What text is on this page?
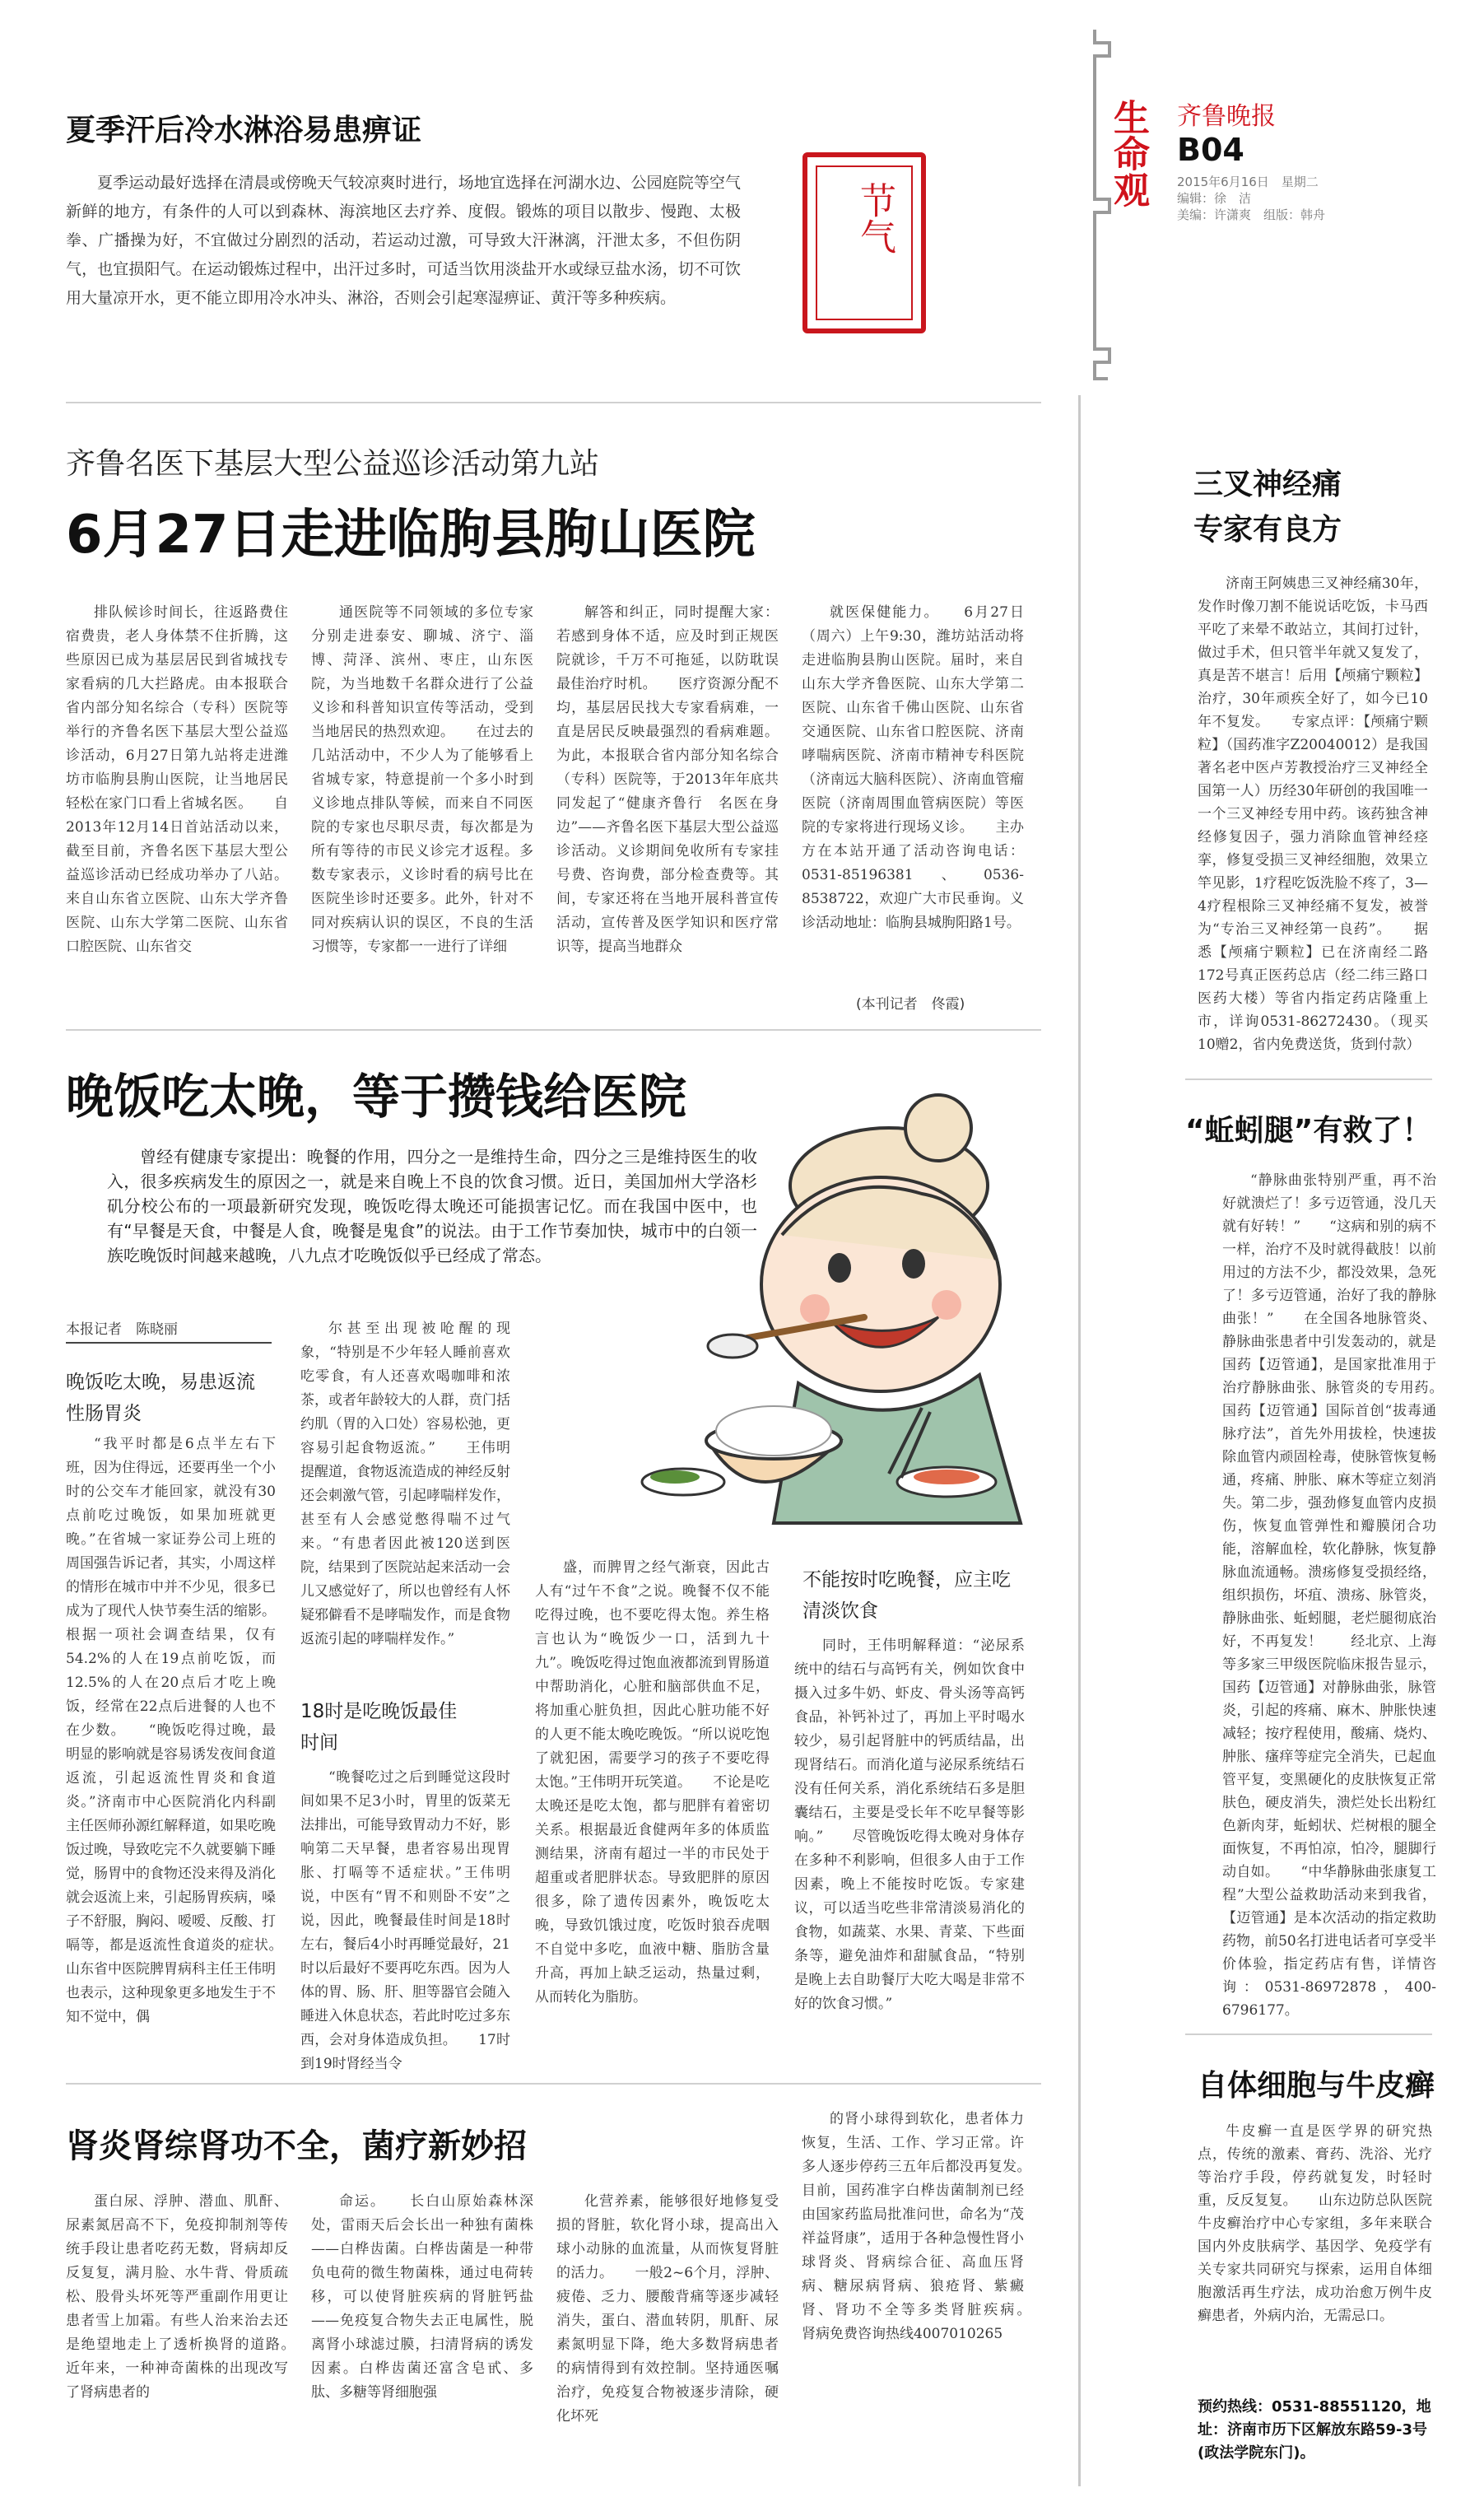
生命观 齐鲁晚报
B04
2015年6月16日　星期二
编辑：徐　洁
美编：许潇爽　组版：韩舟
夏季汗后冷水淋浴易患痹证

夏季运动最好选择在清晨或傍晚天气较凉爽时进行，场地宜选择在河湖水边、公园庭院等空气新鲜的地方，有条件的人可以到森林、海滨地区去疗养、度假。锻炼的项目以散步、慢跑、太极拳、广播操为好，不宜做过分剧烈的活动，若运动过激，可导致大汗淋漓，汗泄太多，不但伤阴气，也宜损阳气。在运动锻炼过程中，出汗过多时，可适当饮用淡盐开水或绿豆盐水汤，切不可饮用大量凉开水，更不能立即用冷水冲头、淋浴，否则会引起寒湿痹证、黄汗等多种疾病。

节气
齐鲁名医下基层大型公益巡诊活动第九站
6月27日走进临朐县朐山医院

排队候诊时间长，往返路费住宿费贵，老人身体禁不住折腾，这些原因已成为基层居民到省城找专家看病的几大拦路虎。由本报联合省内部分知名综合（专科）医院等举行的齐鲁名医下基层大型公益巡诊活动，6月27日第九站将走进潍坊市临朐县朐山医院，让当地居民轻松在家门口看上省城名医。　　自2013年12月14日首站活动以来，截至目前，齐鲁名医下基层大型公益巡诊活动已经成功举办了八站。来自山东省立医院、山东大学齐鲁医院、山东大学第二医院、山东省口腔医院、山东省交

通医院等不同领域的多位专家分别走进泰安、聊城、济宁、淄博、菏泽、滨州、枣庄，山东医院，为当地数千名群众进行了公益义诊和科普知识宣传等活动，受到当地居民的热烈欢迎。　　在过去的几站活动中，不少人为了能够看上省城专家，特意提前一个多小时到义诊地点排队等候，而来自不同医院的专家也尽职尽责，每次都是为所有等待的市民义诊完才返程。多数专家表示，义诊时看的病号比在医院坐诊时还要多。此外，针对不同对疾病认识的误区，不良的生活习惯等，专家都一一进行了详细

解答和纠正，同时提醒大家：若感到身体不适，应及时到正规医院就诊，千万不可拖延，以防耽误最佳治疗时机。　　医疗资源分配不均，基层居民找大专家看病难，一直是居民反映最强烈的看病难题。为此，本报联合省内部分知名综合（专科）医院等，于2013年年底共同发起了“健康齐鲁行　名医在身边”——齐鲁名医下基层大型公益巡诊活动。义诊期间免收所有专家挂号费、咨询费，部分检查费等。其间，专家还将在当地开展科普宣传活动，宣传普及医学知识和医疗常识等，提高当地群众

就医保健能力。　　6月27日（周六）上午9:30，潍坊站活动将走进临朐县朐山医院。届时，来自山东大学齐鲁医院、山东大学第二医院、山东省千佛山医院、山东省交通医院、山东省口腔医院、济南哮喘病医院、济南市精神专科医院（济南远大脑科医院）、济南血管瘤医院（济南周围血管病医院）等医院的专家将进行现场义诊。　　主办方在本站开通了活动咨询电话：0531-85196381、0536-8538722，欢迎广大市民垂询。义诊活动地址：临朐县城朐阳路1号。

(本刊记者　佟霞)
晚饭吃太晚，等于攒钱给医院

曾经有健康专家提出：晚餐的作用，四分之一是维持生命，四分之三是维持医生的收入，很多疾病发生的原因之一，就是来自晚上不良的饮食习惯。近日，美国加州大学洛杉矶分校公布的一项最新研究发现，晚饭吃得太晚还可能损害记忆。而在我国中医中，也有“早餐是天食，中餐是人食，晚餐是鬼食”的说法。由于工作节奏加快，城市中的白领一族吃晚饭时间越来越晚，八九点才吃晚饭似乎已经成了常态。

本报记者　陈晓丽
晚饭吃太晚，易患返流性肠胃炎

“我平时都是6点半左右下班，因为住得远，还要再坐一个小时的公交车才能回家，就没有30点前吃过晚饭，如果加班就更晚。”在省城一家证券公司上班的周国强告诉记者，其实，小周这样的情形在城市中并不少见，很多已成为了现代人快节奏生活的缩影。根据一项社会调查结果，仅有54.2%的人在19点前吃饭，而12.5%的人在20点后才吃上晚饭，经常在22点后进餐的人也不在少数。　　“晚饭吃得过晚，最明显的影响就是容易诱发夜间食道返流，引起返流性胃炎和食道炎。”济南市中心医院消化内科副主任医师孙源红解释道，如果吃晚饭过晚，导致吃完不久就要躺下睡觉，肠胃中的食物还没来得及消化就会返流上来，引起肠胃疾病，嗓子不舒服，胸闷、嗳嗳、反酸、打嗝等，都是返流性食道炎的症状。　　山东省中医院脾胃病科主任王伟明也表示，这种现象更多地发生于不知不觉中，偶

尔甚至出现被呛醒的现象，“特别是不少年轻人睡前喜欢吃零食，有人还喜欢喝咖啡和浓茶，或者年龄较大的人群，贲门括约肌（胃的入口处）容易松弛，更容易引起食物返流。”　　王伟明提醒道，食物返流造成的神经反射还会刺激气管，引起哮喘样发作，甚至有人会感觉憋得喘不过气来。“有患者因此被120送到医院，结果到了医院站起来活动一会儿又感觉好了，所以也曾经有人怀疑邪僻看不是哮喘发作，而是食物返流引起的哮喘样发作。”

18时是吃晚饭最佳时间

“晚餐吃过之后到睡觉这段时间如果不足3小时，胃里的饭菜无法排出，可能导致胃动力不好，影响第二天早餐，患者容易出现胃胀、打嗝等不适症状。”王伟明说，中医有“胃不和则卧不安”之说，因此，晚餐最佳时间是18时左右，餐后4小时再睡觉最好，21时以后最好不要再吃东西。因为人体的胃、肠、肝、胆等器官会随入睡进入休息状态，若此时吃过多东西，会对身体造成负担。　　17时到19时肾经当令

盛，而脾胃之经气渐衰，因此古人有“过午不食”之说。晚餐不仅不能吃得过晚，也不要吃得太饱。养生格言也认为“晚饭少一口，活到九十九”。晚饭吃得过饱血液都流到胃肠道中帮助消化，心脏和脑部供血不足，将加重心脏负担，因此心脏功能不好的人更不能太晚吃晚饭。“所以说吃饱了就犯困，需要学习的孩子不要吃得太饱。”王伟明开玩笑道。　　不论是吃太晚还是吃太饱，都与肥胖有着密切关系。根据最近食健两年多的体质监测结果，济南有超过一半的市民处于超重或者肥胖状态。导致肥胖的原因很多，除了遗传因素外，晚饭吃太晚，导致饥饿过度，吃饭时狼吞虎咽不自觉中多吃，血液中糖、脂肪含量升高，再加上缺乏运动，热量过剩，从而转化为脂肪。

不能按时吃晚餐，应主吃清淡饮食

同时，王伟明解释道：“泌尿系统中的结石与高钙有关，例如饮食中摄入过多牛奶、虾皮、骨头汤等高钙食品，补钙补过了，再加上平时喝水较少，易引起肾脏中的钙质结晶，出现肾结石。而消化道与泌尿系统结石没有任何关系，消化系统结石多是胆囊结石，主要是受长年不吃早餐等影响。”　　尽管晚饭吃得太晚对身体存在多种不利影响，但很多人由于工作因素，晚上不能按时吃饭。专家建议，可以适当吃些非常清淡易消化的食物，如蔬菜、水果、青菜、下些面条等，避免油炸和甜腻食品，“特别是晚上去自助餐厅大吃大喝是非常不好的饮食习惯。”

肾炎肾综肾功不全，菌疗新妙招

蛋白尿、浮肿、潜血、肌酐、尿素氮居高不下，免疫抑制剂等传统手段让患者吃药无数，肾病却反反复复，满月脸、水牛背、骨质疏松、股骨头坏死等严重副作用更让患者雪上加霜。有些人治来治去还是绝望地走上了透析换肾的道路。　　近年来，一种神奇菌株的出现改写了肾病患者的

命运。　　长白山原始森林深处，雷雨天后会长出一种独有菌株——白桦齿菌。白桦齿菌是一种带负电荷的微生物菌株，通过电荷转移，可以使肾脏疾病的肾脏钙盐——免疫复合物失去正电属性，脱离肾小球滤过膜，扫清肾病的诱发因素。白桦齿菌还富含皂甙、多肽、多糖等肾细胞强

化营养素，能够很好地修复受损的肾脏，软化肾小球，提高出入球小动脉的血流量，从而恢复肾脏的活力。　　一般2~6个月，浮肿、疲倦、乏力、腰酸背痛等逐步减轻消失，蛋白、潜血转阴，肌酐、尿素氮明显下降，绝大多数肾病患者的病情得到有效控制。坚持通医嘱治疗，免疫复合物被逐步清除，硬化坏死

的肾小球得到软化，患者体力恢复，生活、工作、学习正常。许多人逐步停药三五年后都没再复发。　　目前，国药准字白桦齿菌制剂已经由国家药监局批准问世，命名为“茂祥益肾康”，适用于各种急慢性肾小球肾炎、肾病综合征、高血压肾病、糖尿病肾病、狼疮肾、紫癜肾、肾功不全等多类肾脏疾病。　　肾病免费咨询热线4007010265

三叉神经痛
专家有良方

济南王阿姨患三叉神经痛30年，发作时像刀割不能说话吃饭，卡马西平吃了来晕不敢站立，其间打过针，做过手术，但只管半年就又复发了，真是苦不堪言！后用【颅痛宁颗粒】治疗，30年顽疾全好了，如今已10年不复发。　　专家点评：【颅痛宁颗粒】（国药准字Z20040012）是我国著名老中医卢芳教授治疗三叉神经全国第一人）历经30年研创的我国唯一一个三叉神经专用中药。该药独含神经修复因子，强力消除血管神经痉挛，修复受损三叉神经细胞，效果立竿见影，1疗程吃饭洗脸不疼了，3—4疗程根除三叉神经痛不复发，被誉为“专治三叉神经第一良药”。　　据悉【颅痛宁颗粒】已在济南经二路172号真正医药总店（经二纬三路口医药大楼）等省内指定药店隆重上市，详询0531-86272430。（现买10赠2，省内免费送货，货到付款）

“蚯蚓腿”有救了！

“静脉曲张特别严重，再不治好就溃烂了！多亏迈管通，没几天就有好转！”　　“这病和别的病不一样，治疗不及时就得截肢！以前用过的方法不少，都没效果，急死了！多亏迈管通，治好了我的静脉曲张！”　　在全国各地脉管炎、静脉曲张患者中引发轰动的，就是国药【迈管通】，是国家批准用于治疗静脉曲张、脉管炎的专用药。　　国药【迈管通】国际首创“拔毒通脉疗法”，首先外用拔栓，快速拔除血管内顽固栓毒，使脉管恢复畅通，疼痛、肿胀、麻木等症立刻消失。第二步，强劲修复血管内皮损伤，恢复血管弹性和瓣膜闭合功能，溶解血栓，软化静脉，恢复静脉血流通畅。溃疡修复受损经络，组织损伤，坏疽、溃疡、脉管炎，静脉曲张、蚯蚓腿，老烂腿彻底治好，不再复发！　　经北京、上海等多家三甲级医院临床报告显示，国药【迈管通】对静脉曲张，脉管炎，引起的疼痛、麻木、肿胀快速减轻；按疗程使用，酸痛、烧灼、肿胀、瘙痒等症完全消失，已起血管平复，变黑硬化的皮肤恢复正常肤色，硬皮消失，溃烂处长出粉红色新肉芽，蚯蚓状、烂树根的腿全面恢复，不再怕凉，怕冷，腿脚行动自如。　　“中华静脉曲张康复工程”大型公益救助活动来到我省，【迈管通】是本次活动的指定救助药物，前50名打进电话者可享受半价体验，指定药店有售，详情咨询：0531-86972878，400-6796177。

自体细胞与牛皮癣

牛皮癣一直是医学界的研究热点，传统的激素、膏药、洗浴、光疗等治疗手段，停药就复发，时轻时重，反反复复。　　山东边防总队医院牛皮癣治疗中心专家组，多年来联合国内外皮肤病学、基因学、免疫学有关专家共同研究与探索，运用自体细胞激活再生疗法，成功治愈万例牛皮癣患者，外病内治，无需忌口。

预约热线：0531-88551120，地址：济南市历下区解放东路59-3号(政法学院东门)。
